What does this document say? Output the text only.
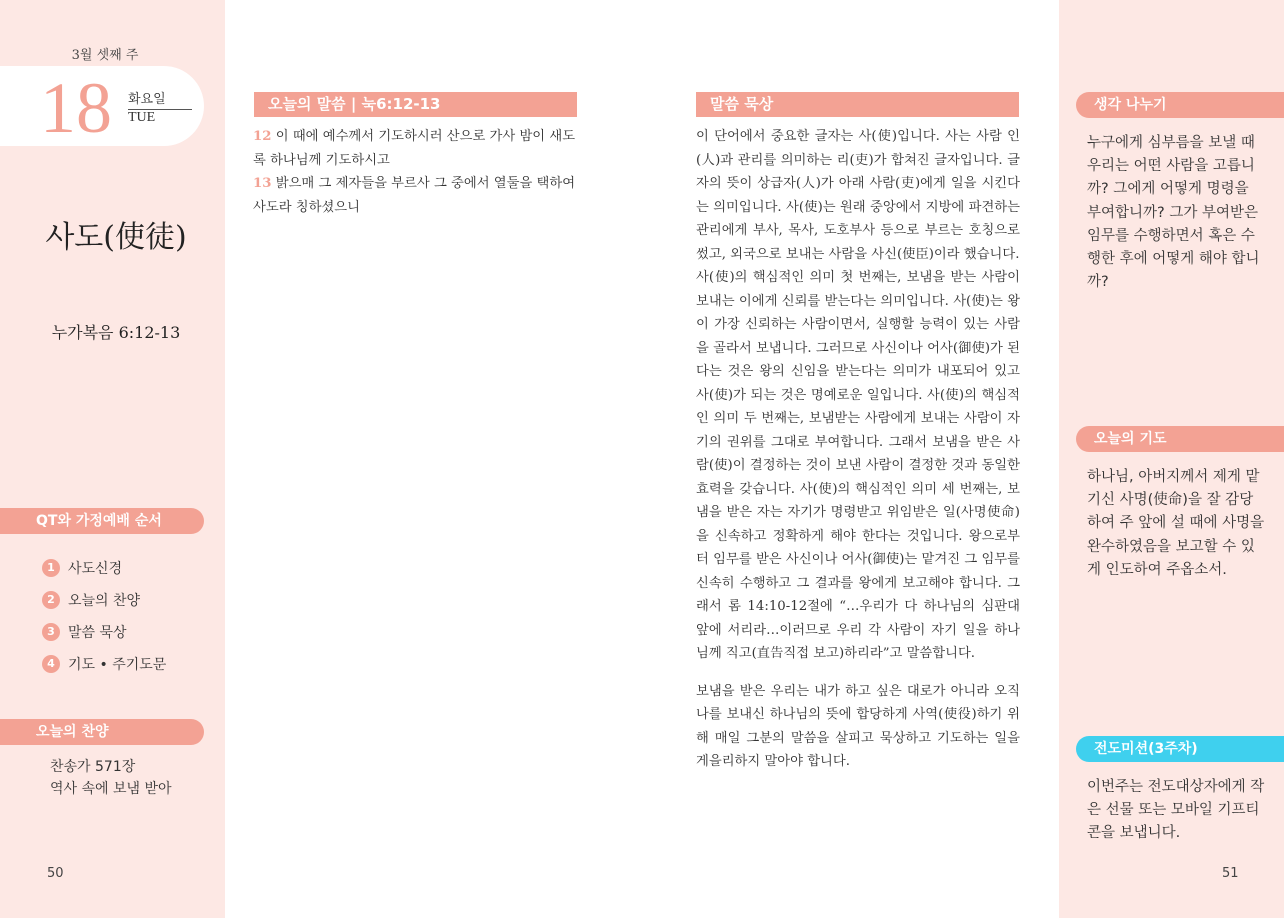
3월 셋째 주
18 화요일
TUE
사도(使徒)
누가복음 6:12-13
QT와 가정예배 순서
1 사도신경
2 오늘의 찬양
3 말씀 묵상
4 기도 • 주기도문
오늘의 찬양
찬송가 571장
역사 속에 보냄 받아
50
오늘의 말씀 | 눅6:12-13
12 이 때에 예수께서 기도하시러 산으로 가사 밤이 새도록 하나님께 기도하시고
13 밝으매 그 제자들을 부르사 그 중에서 열둘을 택하여 사도라 칭하셨으니
말씀 묵상

이 단어에서 중요한 글자는 사(使)입니다. 사는 사람 인(人)과 관리를 의미하는 리(吏)가 합쳐진 글자입니다. 글자의 뜻이 상급자(人)가 아래 사람(吏)에게 일을 시킨다는 의미입니다. 사(使)는 원래 중앙에서 지방에 파견하는 관리에게 부사, 목사, 도호부사 등으로 부르는 호칭으로 썼고, 외국으로 보내는 사람을 사신(使臣)이라 했습니다.

사(使)의 핵심적인 의미 첫 번째는, 보냄을 받는 사람이 보내는 이에게 신뢰를 받는다는 의미입니다. 사(使)는 왕이 가장 신뢰하는 사람이면서, 실행할 능력이 있는 사람을 골라서 보냅니다. 그러므로 사신이나 어사(御使)가 된다는 것은 왕의 신임을 받는다는 의미가 내포되어 있고 사(使)가 되는 것은 명예로운 일입니다. 사(使)의 핵심적인 의미 두 번째는, 보냄받는 사람에게 보내는 사람이 자기의 권위를 그대로 부여합니다. 그래서 보냄을 받은 사람(使)이 결정하는 것이 보낸 사람이 결정한 것과 동일한 효력을 갖습니다. 사(使)의 핵심적인 의미 세 번째는, 보냄을 받은 자는 자기가 명령받고 위임받은 일(사명使命)을 신속하고 정확하게 해야 한다는 것입니다. 왕으로부터 임무를 받은 사신이나 어사(御使)는 맡겨진 그 임무를 신속히 수행하고 그 결과를 왕에게 보고해야 합니다. 그래서 롬 14:10-12절에 “…우리가 다 하나님의 심판대 앞에 서리라…이러므로 우리 각 사람이 자기 일을 하나님께 직고(直告직접 보고)하리라”고 말씀합니다.

보냄을 받은 우리는 내가 하고 싶은 대로가 아니라 오직 나를 보내신 하나님의 뜻에 합당하게 사역(使役)하기 위해 매일 그분의 말씀을 살피고 묵상하고 기도하는 일을 게을리하지 말아야 합니다.

생각 나누기
누구에게 심부름을 보낼 때 우리는 어떤 사람을 고릅니까? 그에게 어떻게 명령을 부여합니까? 그가 부여받은 임무를 수행하면서 혹은 수행한 후에 어떻게 해야 합니까?
오늘의 기도
하나님, 아버지께서 제게 맡기신 사명(使命)을 잘 감당하여 주 앞에 설 때에 사명을 완수하였음을 보고할 수 있게 인도하여 주옵소서.
전도미션(3주차)
이번주는 전도대상자에게 작은 선물 또는 모바일 기프티콘을 보냅니다.
51
